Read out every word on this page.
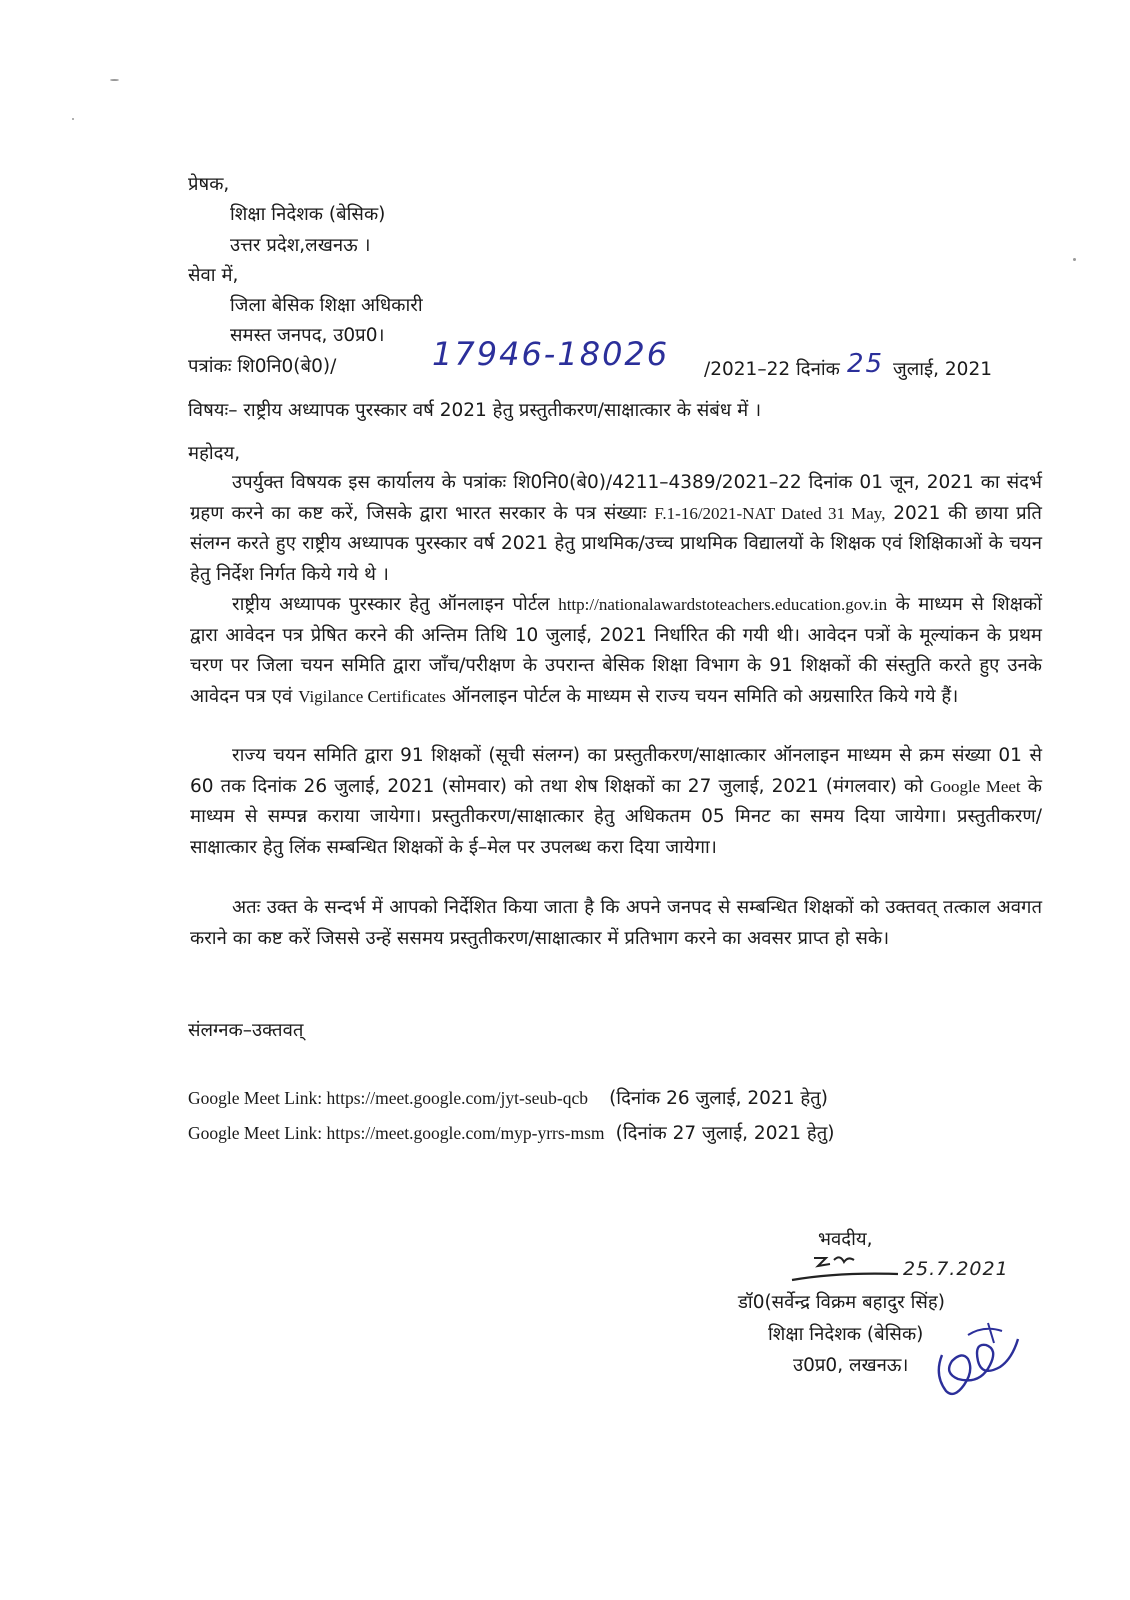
प्रेषक,
शिक्षा निदेशक (बेसिक)
उत्तर प्रदेश,लखनऊ ।
सेवा में,
जिला बेसिक शिक्षा अधिकारी
समस्त जनपद, उ0प्र0।
पत्रांकः शि0नि0(बे0)/	17946-18026 /2021–22 दिनांक 25 जुलाई, 2021
विषयः– राष्ट्रीय अध्यापक पुरस्कार वर्ष 2021 हेतु प्रस्तुतीकरण/साक्षात्कार के संबंध में ।
महोदय,
उपर्युक्त विषयक इस कार्यालय के पत्रांकः शि0नि0(बे0)/4211–4389/2021–22 दिनांक 01 जून, 2021 का संदर्भ ग्रहण करने का कष्ट करें, जिसके द्वारा भारत सरकार के पत्र संख्याः F.1-16/2021-NAT Dated 31 May, 2021 की छाया प्रति संलग्न करते हुए राष्ट्रीय अध्यापक पुरस्कार वर्ष 2021 हेतु प्राथमिक/उच्च प्राथमिक विद्यालयों के शिक्षक एवं शिक्षिकाओं के चयन हेतु निर्देश निर्गत किये गये थे ।
राष्ट्रीय अध्यापक पुरस्कार हेतु ऑनलाइन पोर्टल http://nationalawardstoteachers.education.gov.in के माध्यम से शिक्षकों द्वारा आवेदन पत्र प्रेषित करने की अन्तिम तिथि 10 जुलाई, 2021 निर्धारित की गयी थी। आवेदन पत्रों के मूल्यांकन के प्रथम चरण पर जिला चयन समिति द्वारा जाँच/परीक्षण के उपरान्त बेसिक शिक्षा विभाग के 91 शिक्षकों की संस्तुति करते हुए उनके आवेदन पत्र एवं Vigilance Certificates ऑनलाइन पोर्टल के माध्यम से राज्य चयन समिति को अग्रसारित किये गये हैं।
राज्य चयन समिति द्वारा 91 शिक्षकों (सूची संलग्न) का प्रस्तुतीकरण/साक्षात्कार ऑनलाइन माध्यम से क्रम संख्या 01 से 60 तक दिनांक 26 जुलाई, 2021 (सोमवार) को तथा शेष शिक्षकों का 27 जुलाई, 2021 (मंगलवार) को Google Meet के माध्यम से सम्पन्न कराया जायेगा। प्रस्तुतीकरण/साक्षात्कार हेतु अधिकतम 05 मिनट का समय दिया जायेगा। प्रस्तुतीकरण/साक्षात्कार हेतु लिंक सम्बन्धित शिक्षकों के ई–मेल पर उपलब्ध करा दिया जायेगा।
अतः उक्त के सन्दर्भ में आपको निर्देशित किया जाता है कि अपने जनपद से सम्बन्धित शिक्षकों को उक्तवत् तत्काल अवगत कराने का कष्ट करें जिससे उन्हें ससमय प्रस्तुतीकरण/साक्षात्कार में प्रतिभाग करने का अवसर प्राप्त हो सके।
संलग्नक–उक्तवत्
Google Meet Link: https://meet.google.com/jyt-seub-qcb (दिनांक 26 जुलाई, 2021 हेतु)
Google Meet Link: https://meet.google.com/myp-yrrs-msm (दिनांक 27 जुलाई, 2021 हेतु)
भवदीय,
25.7.2021
डॉ0(सर्वेन्द्र विक्रम बहादुर सिंह)
शिक्षा निदेशक (बेसिक)
उ0प्र0, लखनऊ।
